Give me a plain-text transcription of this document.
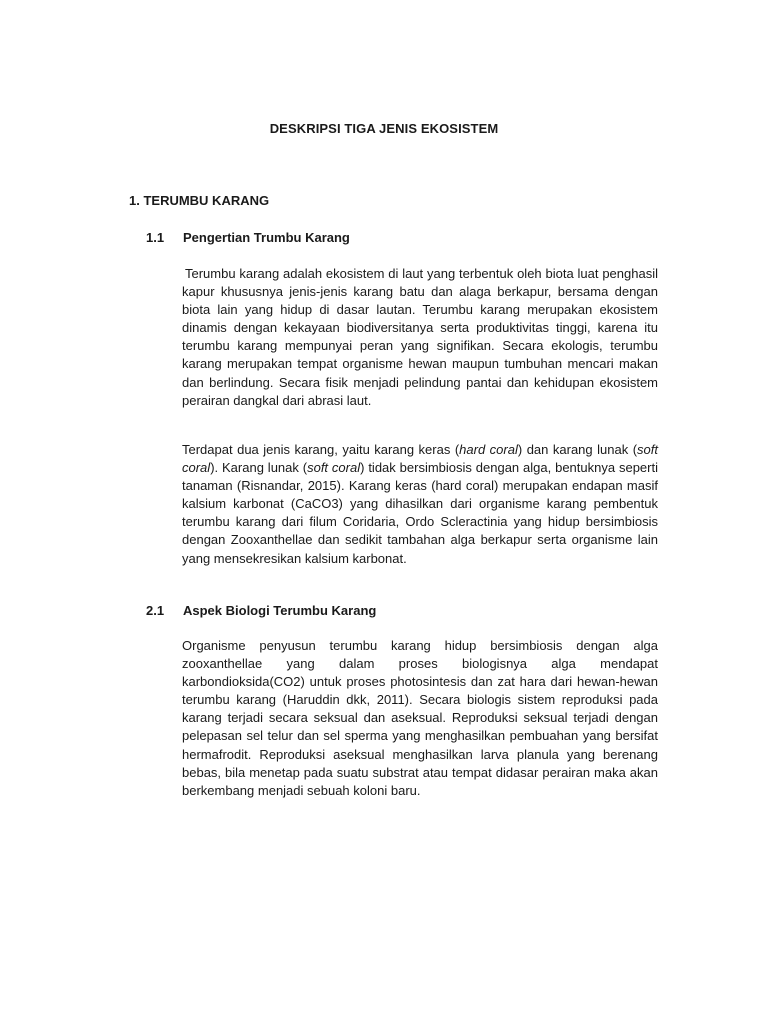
DESKRIPSI TIGA JENIS EKOSISTEM
1. TERUMBU KARANG
1.1 Pengertian Trumbu Karang
Terumbu karang adalah ekosistem di laut yang terbentuk oleh biota luat penghasil kapur khususnya jenis-jenis karang batu dan alaga berkapur, bersama dengan biota lain yang hidup di dasar lautan. Terumbu karang merupakan ekosistem dinamis dengan kekayaan biodiversitanya serta produktivitas tinggi, karena itu terumbu karang mempunyai peran yang signifikan. Secara ekologis, terumbu karang merupakan tempat organisme hewan maupun tumbuhan mencari makan dan berlindung. Secara fisik menjadi pelindung pantai dan kehidupan ekosistem perairan dangkal dari abrasi laut.
Terdapat dua jenis karang, yaitu karang keras (hard coral) dan karang lunak (soft coral). Karang lunak (soft coral) tidak bersimbiosis dengan alga, bentuknya seperti tanaman (Risnandar, 2015). Karang keras (hard coral) merupakan endapan masif kalsium karbonat (CaCO3) yang dihasilkan dari organisme karang pembentuk terumbu karang dari filum Coridaria, Ordo Scleractinia yang hidup bersimbiosis dengan Zooxanthellae dan sedikit tambahan alga berkapur serta organisme lain yang mensekresikan kalsium karbonat.
2.1 Aspek Biologi Terumbu Karang
Organisme penyusun terumbu karang hidup bersimbiosis dengan alga zooxanthellae yang dalam proses biologisnya alga mendapat karbondioksida(CO2) untuk proses photosintesis dan zat hara dari hewan-hewan terumbu karang (Haruddin dkk, 2011). Secara biologis sistem reproduksi pada karang terjadi secara seksual dan aseksual. Reproduksi seksual terjadi dengan pelepasan sel telur dan sel sperma yang menghasilkan pembuahan yang bersifat hermafrodit. Reproduksi aseksual menghasilkan larva planula yang berenang bebas, bila menetap pada suatu substrat atau tempat didasar perairan maka akan berkembang menjadi sebuah koloni baru.
